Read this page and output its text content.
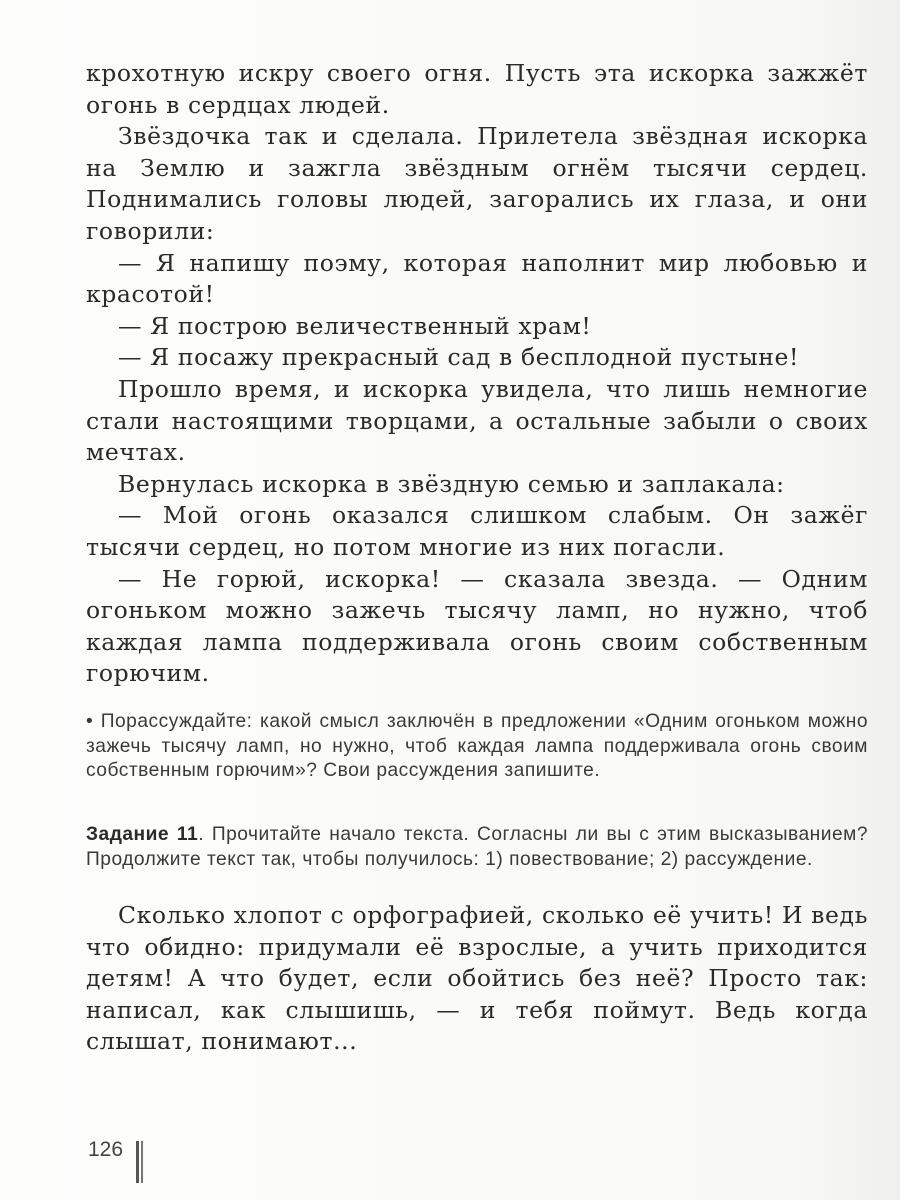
крохотную искру своего огня. Пусть эта искорка зажжёт огонь в сердцах людей.

Звёздочка так и сделала. Прилетела звёздная искорка на Землю и зажгла звёздным огнём тысячи сердец. Поднимались головы людей, загорались их глаза, и они говорили:

— Я напишу поэму, которая наполнит мир любовью и красотой!

— Я построю величественный храм!

— Я посажу прекрасный сад в бесплодной пустыне!

Прошло время, и искорка увидела, что лишь немногие стали настоящими творцами, а остальные забыли о своих мечтах.

Вернулась искорка в звёздную семью и заплакала:

— Мой огонь оказался слишком слабым. Он зажёг тысячи сердец, но потом многие из них погасли.

— Не горюй, искорка! — сказала звезда. — Одним огоньком можно зажечь тысячу ламп, но нужно, чтоб каждая лампа поддерживала огонь своим собственным горючим.

• Порассуждайте: какой смысл заключён в предложении «Одним огоньком можно зажечь тысячу ламп, но нужно, чтоб каждая лампа поддерживала огонь своим собственным горючим»? Свои рассуждения запишите.
Задание 11. Прочитайте начало текста. Согласны ли вы с этим высказыванием? Продолжите текст так, чтобы получилось: 1) повествование; 2) рассуждение.

Сколько хлопот с орфографией, сколько её учить! И ведь что обидно: придумали её взрослые, а учить приходится детям! А что будет, если обойтись без неё? Просто так: написал, как слышишь, — и тебя поймут. Ведь когда слышат, понимают...

126
